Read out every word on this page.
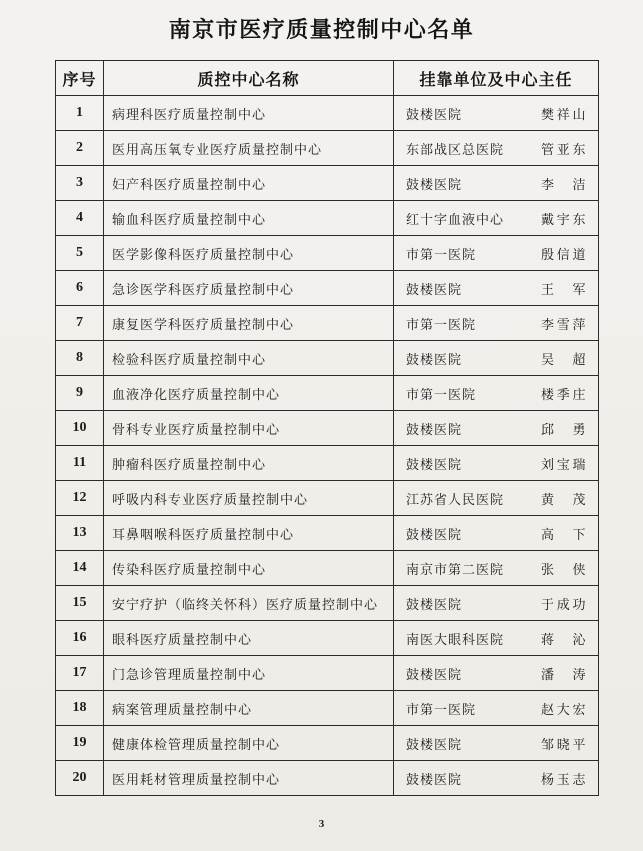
南京市医疗质量控制中心名单
序号	质控中心名称	挂靠单位及中心主任
1	病理科医疗质量控制中心	鼓楼医院 樊祥山

2	医用高压氧专业医疗质量控制中心	东部战区总医院 管亚东

3	妇产科医疗质量控制中心	鼓楼医院 李 洁

4	输血科医疗质量控制中心	红十字血液中心 戴宇东

5	医学影像科医疗质量控制中心	市第一医院 殷信道

6	急诊医学科医疗质量控制中心	鼓楼医院 王 军

7	康复医学科医疗质量控制中心	市第一医院 李雪萍

8	检验科医疗质量控制中心	鼓楼医院 吴 超

9	血液净化医疗质量控制中心	市第一医院 楼季庄

10	骨科专业医疗质量控制中心	鼓楼医院 邱 勇

11	肿瘤科医疗质量控制中心	鼓楼医院 刘宝瑞

12	呼吸内科专业医疗质量控制中心	江苏省人民医院 黄 茂

13	耳鼻咽喉科医疗质量控制中心	鼓楼医院 高 下

14	传染科医疗质量控制中心	南京市第二医院 张 侠

15	安宁疗护（临终关怀科）医疗质量控制中心	鼓楼医院 于成功

16	眼科医疗质量控制中心	南医大眼科医院 蒋 沁

17	门急诊管理质量控制中心	鼓楼医院 潘 涛

18	病案管理质量控制中心	市第一医院 赵大宏

19	健康体检管理质量控制中心	鼓楼医院 邹晓平

20	医用耗材管理质量控制中心	鼓楼医院 杨玉志
3
